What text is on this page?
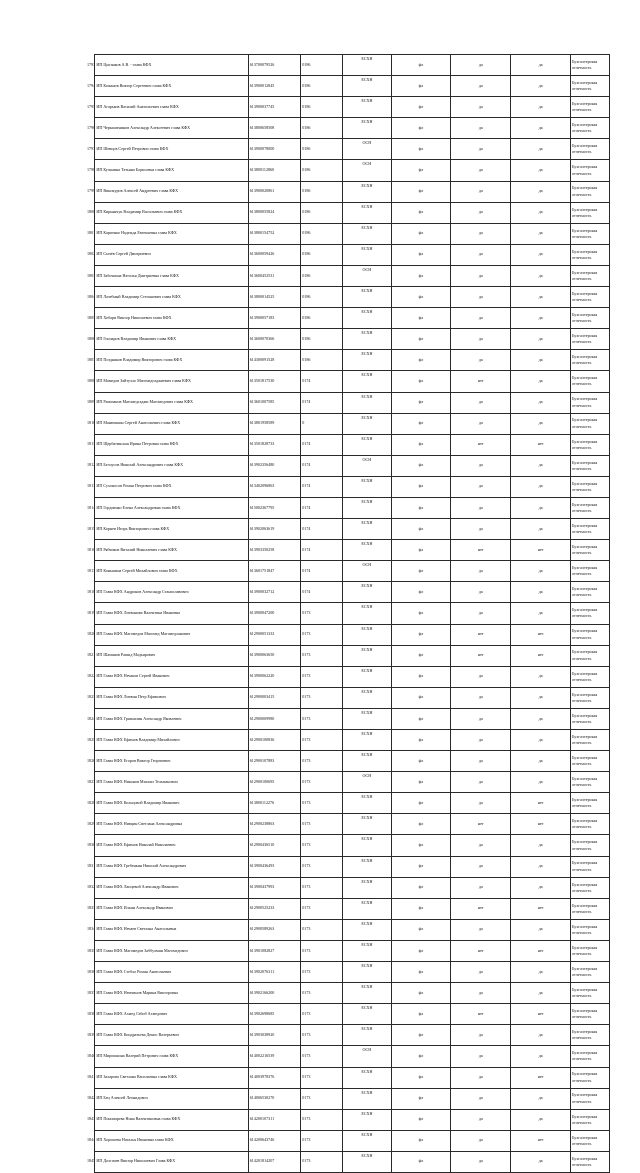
1793	ИП Цыганков А.В. - глава КФХ	613700079526	0186	ЕСХН	фл	да	да	Бухгалтерская отчетность
1794	ИП Кожанов Виктор Сергеевич глава КФХ	613900012845	0186	ЕСХН	фл	да	да	Бухгалтерская отчетность
1795	ИП Агарьков Василий Анатольевич глава КФХ	613900037745	0186	ЕСХН	фл	да	да	Бухгалтерская отчетность
1796	ИП Черкашенинов Александр Алексеевич глава КФХ	613800658508	0186	ЕСХН	фл	да	да	Бухгалтерская отчетность
1797	ИП Шевцов Сергей Петрович глава КФХ	613900078000	0186	ОСН	фл	да	да	Бухгалтерская отчетность
1798	ИП Кузьмина Татьяна Борисовна глава КФХ	613800112860	0186	ОСН	фл	да	да	Бухгалтерская отчетность
1799	ИП Винокуров Алексей Андреевич глава КФХ	613900020861	0186	ЕСХН	фл	да	да	Бухгалтерская отчетность
1800	ИП Кирьянчук Владимир Васильевич глава КФХ	613800055824	0186	ЕСХН	фл	да	да	Бухгалтерская отчетность
1801	ИП Карпенко Надежда Евгеньевна глава КФХ	613800154752	0186	ЕСХН	фл	да	да	Бухгалтерская отчетность
1802	ИП Сычёв Сергей Дмитриевич	613600059426	0186	ЕСХН	фл	да	да	Бухгалтерская отчетность
1803	ИП Забочкина Наталья Дмитриевна глава КФХ	613600452531	0186	ОСН	фл	да	да	Бухгалтерская отчетность
1804	ИП Лазебный Владимир Степанович глава КФХ	613800014525	0186	ЕСХН	фл	да	да	Бухгалтерская отчетность
1805	ИП Хобари Виктор Николаевич глава КФХ	613900057183	0186	ЕСХН	фл	да	да	Бухгалтерская отчетность
1806	ИП Гончаров Владимир Иванович глава КФХ	613600070366	0186	ЕСХН	фл	да	да	Бухгалтерская отчетность
1807	ИП Поздняков Владимир Викторович глава КФХ	614300091528	0186	ЕСХН	фл	да	да	Бухгалтерская отчетность
1808	ИП Мамедов Зайтулло Магомедгаджиевич глава КФХ	613501817530	0174	ЕСХН	фл	нет	да	Бухгалтерская отчетность
1809	ИП Рамазанов Магомедгаджи Магомедович глава КФХ	613601007585	0174	ЕСХН	фл	да	да	Бухгалтерская отчетность
1810	ИП Манюшкин Сергей Анатольевич глава КФХ	613801958589	0	ЕСХН	фл	да	да	Бухгалтерская отчетность
1811	ИП Щербатинская Ирина Петровна глава КФХ	613501828733	0174	ЕСХН	фл	нет	нет	Бухгалтерская отчетность
1812	ИП Белоусов Николай Александрович глава КФХ	613902356480	0174	ОСН	фл	да	да	Бухгалтерская отчетность
1813	ИП Сухоносов Роман Петрович глава КФХ	613402096863	0174	ЕСХН	фл	да	да	Бухгалтерская отчетность
1814	ИП Гордиенко Елена Александровна глава КФХ	615002367795	0174	ЕСХН	фл	да	да	Бухгалтерская отчетность
1815	ИП Корнев Игорь Викторович глава КФХ	613902063619	0174	ЕСХН	фл	да	да	Бухгалтерская отчетность
1816	ИП Рябчиков Виталий Николаевич глава КФХ	613903350258	0174	ЕСХН	фл	нет	нет	Бухгалтерская отчетность
1817	ИП Коньшина Сергей Михайлович глава КФХ	613601751847	0174	ОСН	фл	да	да	Бухгалтерская отчетность
1818	ИП Глава КФХ Андронов Александр Станиславович	613900032712	0174	ЕСХН	фл	да	да	Бухгалтерская отчетность
1819	ИП Глава КФХ Литвинова Валентина Ивановна	613900047200	0173	ЕСХН	фл	да	да	Бухгалтерская отчетность
1820	ИП Глава КФХ Магомедов Магомед Магомедханович	612900051333	0173	ЕСХН	фл	нет	нет	Бухгалтерская отчетность
1821	ИП Шаманов Рашид Мадьярович	613900063650	0173	ЕСХН	фл	нет	нет	Бухгалтерская отчетность
1822	ИП Глава КФХ Нечаков Сергей Иванович	613900062220	0173	ЕСХН	фл	да	да	Бухгалтерская отчетность
1823	ИП Глава КФХ Литвин Петр Ефимович	612900003415	0173	ЕСХН	фл	да	да	Бухгалтерская отчетность
1824	ИП Глава КФХ Грязнилин Александр Яковлевич	612900009980	0173	ЕСХН	фл	да	да	Бухгалтерская отчетность
1825	ИП Глава КФХ Ефимов Владимир Михайлович	612900100836	0173	ЕСХН	фл	да	да	Бухгалтерская отчетность
1826	ИП Глава КФХ Егоров Виктор Георгиевич	612900107883	0173	ЕСХН	фл	да	да	Бухгалтерская отчетность
1827	ИП Глава КФХ Никонов Михаил Тельманович	612900100695	0173	ОСН	фл	да	да	Бухгалтерская отчетность
1828	ИП Глава КФХ Кольцовой Владимир Иванович	613800112276	0173	ЕСХН	фл	да	нет	Бухгалтерская отчетность
1829	ИП Глава КФХ Нивцин Светлана Александровна	612900238863	0173	ЕСХН	фл	нет	нет	Бухгалтерская отчетность
1830	ИП Глава КФХ Ефимов Николай Николаевич	612900436510	0173	ЕСХН	фл	да	да	Бухгалтерская отчетность
1831	ИП Глава КФХ Гребенкин Николай Александрович	613900436493	0173	ЕСХН	фл	да	да	Бухгалтерская отчетность
1832	ИП Глава КФХ Лапцевой Александр Иванович	613900437993	0173	ЕСХН	фл	да	да	Бухгалтерская отчетность
1833	ИП Глава КФХ Ильин Александр Иванович	612900525233	0173	ЕСХН	фл	нет	нет	Бухгалтерская отчетность
1834	ИП Глава КФХ Нечаев Светлана Анатольевна	612900589263	0173	ЕСХН	фл	да	да	Бухгалтерская отчетность
1835	ИП Глава КФХ Магомедов Заббулмин Магомедович	613901082827	0173	ЕСХН	фл	нет	нет	Бухгалтерская отчетность
1836	ИП Глава КФХ Стебло Роман Анатольевич	613902076311	0173	ЕСХН	фл	да	да	Бухгалтерская отчетность
1837	ИП Глава КФХ Немчинов Марина Викторовна	613902166200	0173	ЕСХН	фл	да	да	Бухгалтерская отчетность
1838	ИП Глава КФХ Ахмед Габиб Ахмедович	613902698685	0173	ЕСХН	фл	нет	нет	Бухгалтерская отчетность
1839	ИП Глава КФХ Кондратьева Денис Валерьевич	613903038920	0173	ЕСХН	фл	да	да	Бухгалтерская отчетность
1840	ИП Мирошкина Валерий Петрович глава КФХ	614002216539	0173	ОСН	фл	да	да	Бухгалтерская отчетность
1841	ИП Захарова Светлана Васильевна глава КФХ	614003978376	0173	ЕСХН	фл	да	нет	Бухгалтерская отчетность
1842	ИП Бец Алексей Леонидович	614006530270	0173	ЕСХН	фл	да	да	Бухгалтерская отчетность
1843	ИП Пономарева Нина Валентиновна глава КФХ	614200107311	0173	ЕСХН	фл	да	да	Бухгалтерская отчетность
1844	ИП Хорошева Наталья Ивановна глава КФХ	614200643746	0173	ЕСХН	фл	да	нет	Бухгалтерская отчетность
1845	ИП Долгачев Виктор Николаевич Глава КФХ	614201814207	0173	ЕСХН	фл	да	да	Бухгалтерская отчетность
